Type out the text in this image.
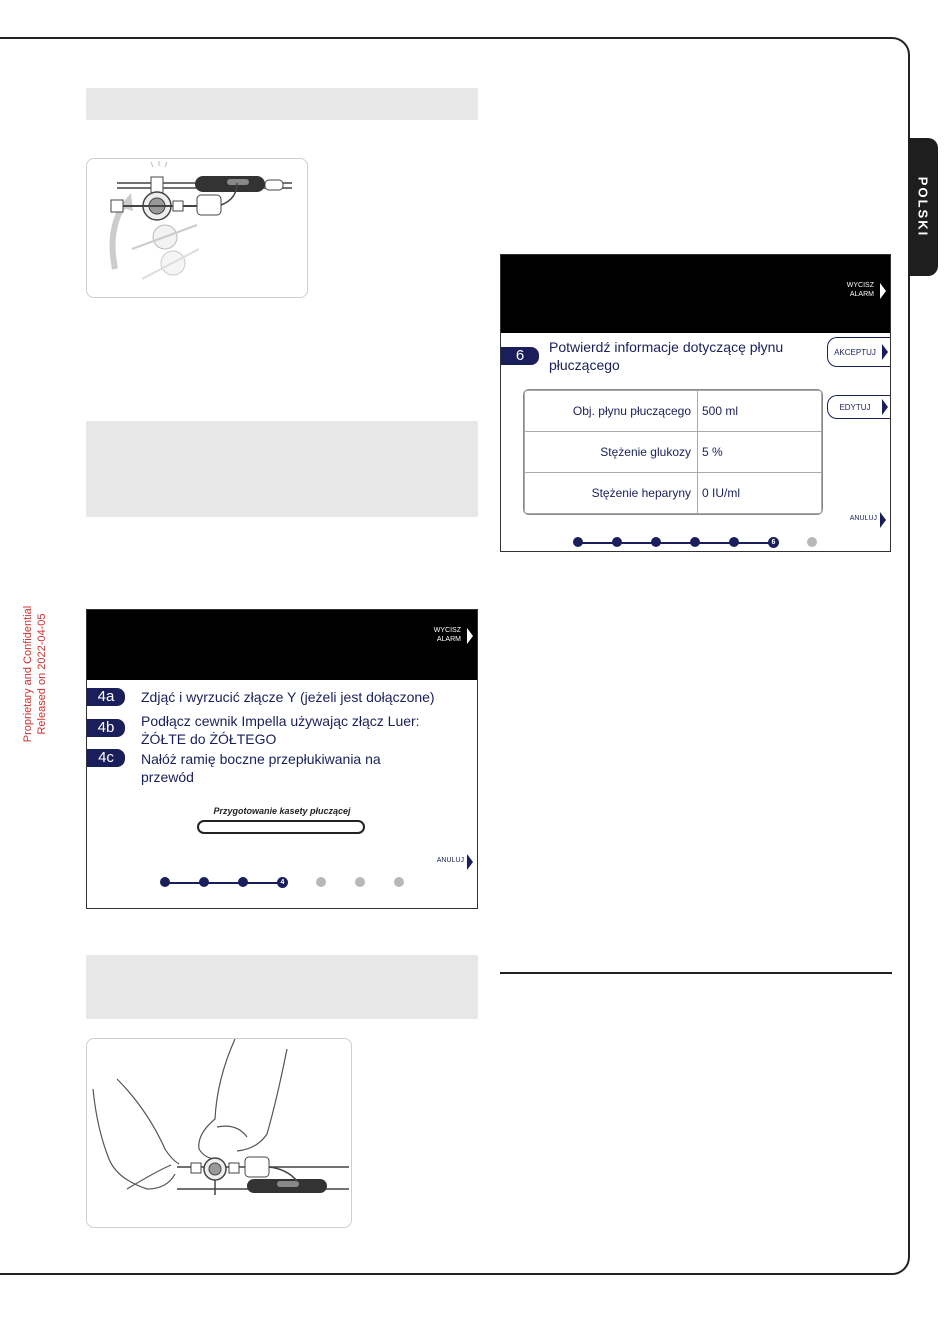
POLSKI
Proprietary and Confidential Released on 2022-04-05	WYCISZ
ALARM
4a	Zdjąć i wyrzucić złącze Y (jeżeli jest dołączone)
4b	Podłącz cewnik Impella używając złącz Luer:
ŻÓŁTE do ŻÓŁTEGO
4c	Nałóż ramię boczne przepłukiwania na
przewód
Przygotowanie kasety płuczącej
ANULUJ
4
WYCISZ
ALARM
6	Potwierdź informacje dotyczącę płynu
płuczącego
AKCEPTUJ
EDYTUJ
Obj. płynu płuczącego	500 ml
Stężenie glukozy	5 %
Stężenie heparyny	0 IU/ml
ANULUJ
6
